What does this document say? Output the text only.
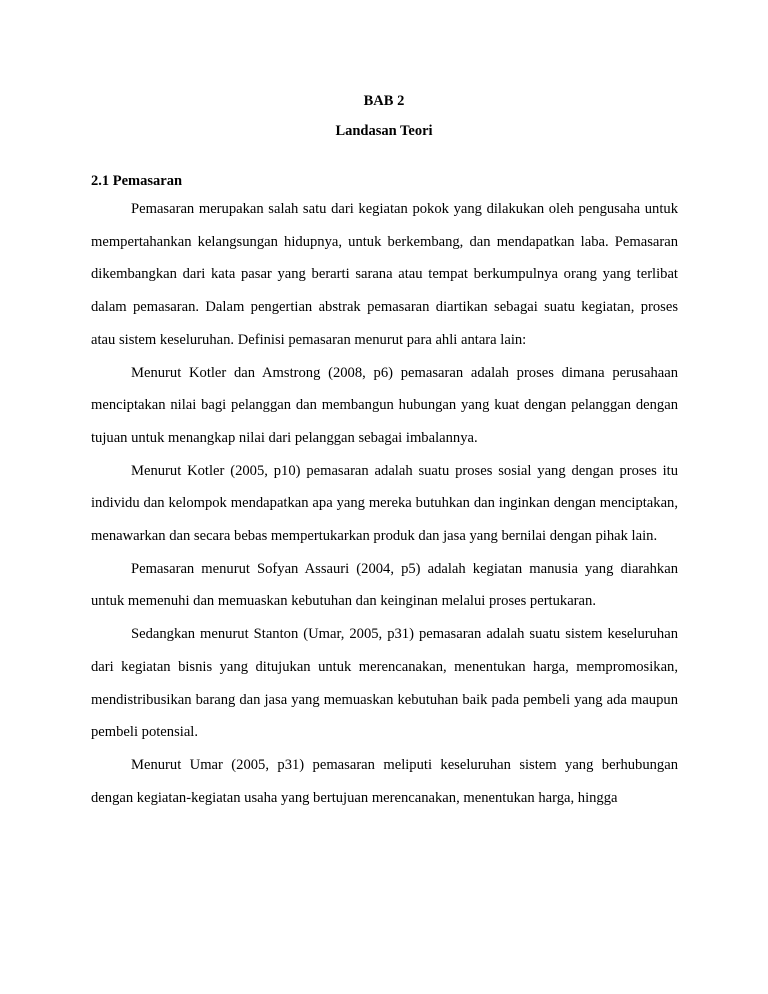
BAB 2
Landasan Teori
2.1 Pemasaran

Pemasaran merupakan salah satu dari kegiatan pokok yang dilakukan oleh pengusaha untuk mempertahankan kelangsungan hidupnya, untuk berkembang, dan mendapatkan laba. Pemasaran dikembangkan dari kata pasar yang berarti sarana atau tempat berkumpulnya orang yang terlibat dalam pemasaran. Dalam pengertian abstrak pemasaran diartikan sebagai suatu kegiatan, proses atau sistem keseluruhan. Definisi pemasaran menurut para ahli antara lain:

Menurut Kotler dan Amstrong (2008, p6) pemasaran adalah proses dimana perusahaan menciptakan nilai bagi pelanggan dan membangun hubungan yang kuat dengan pelanggan dengan tujuan untuk menangkap nilai dari pelanggan sebagai imbalannya.

Menurut Kotler (2005, p10) pemasaran adalah suatu proses sosial yang dengan proses itu individu dan kelompok mendapatkan apa yang mereka butuhkan dan inginkan dengan menciptakan, menawarkan dan secara bebas mempertukarkan produk dan jasa yang bernilai dengan pihak lain.

Pemasaran menurut Sofyan Assauri (2004, p5) adalah kegiatan manusia yang diarahkan untuk memenuhi dan memuaskan kebutuhan dan keinginan melalui proses pertukaran.

Sedangkan menurut Stanton (Umar, 2005, p31) pemasaran adalah suatu sistem keseluruhan dari kegiatan bisnis yang ditujukan untuk merencanakan, menentukan harga, mempromosikan, mendistribusikan barang dan jasa yang memuaskan kebutuhan baik pada pembeli yang ada maupun pembeli potensial.

Menurut Umar (2005, p31) pemasaran meliputi keseluruhan sistem yang berhubungan dengan kegiatan-kegiatan usaha yang bertujuan merencanakan, menentukan harga, hingga
